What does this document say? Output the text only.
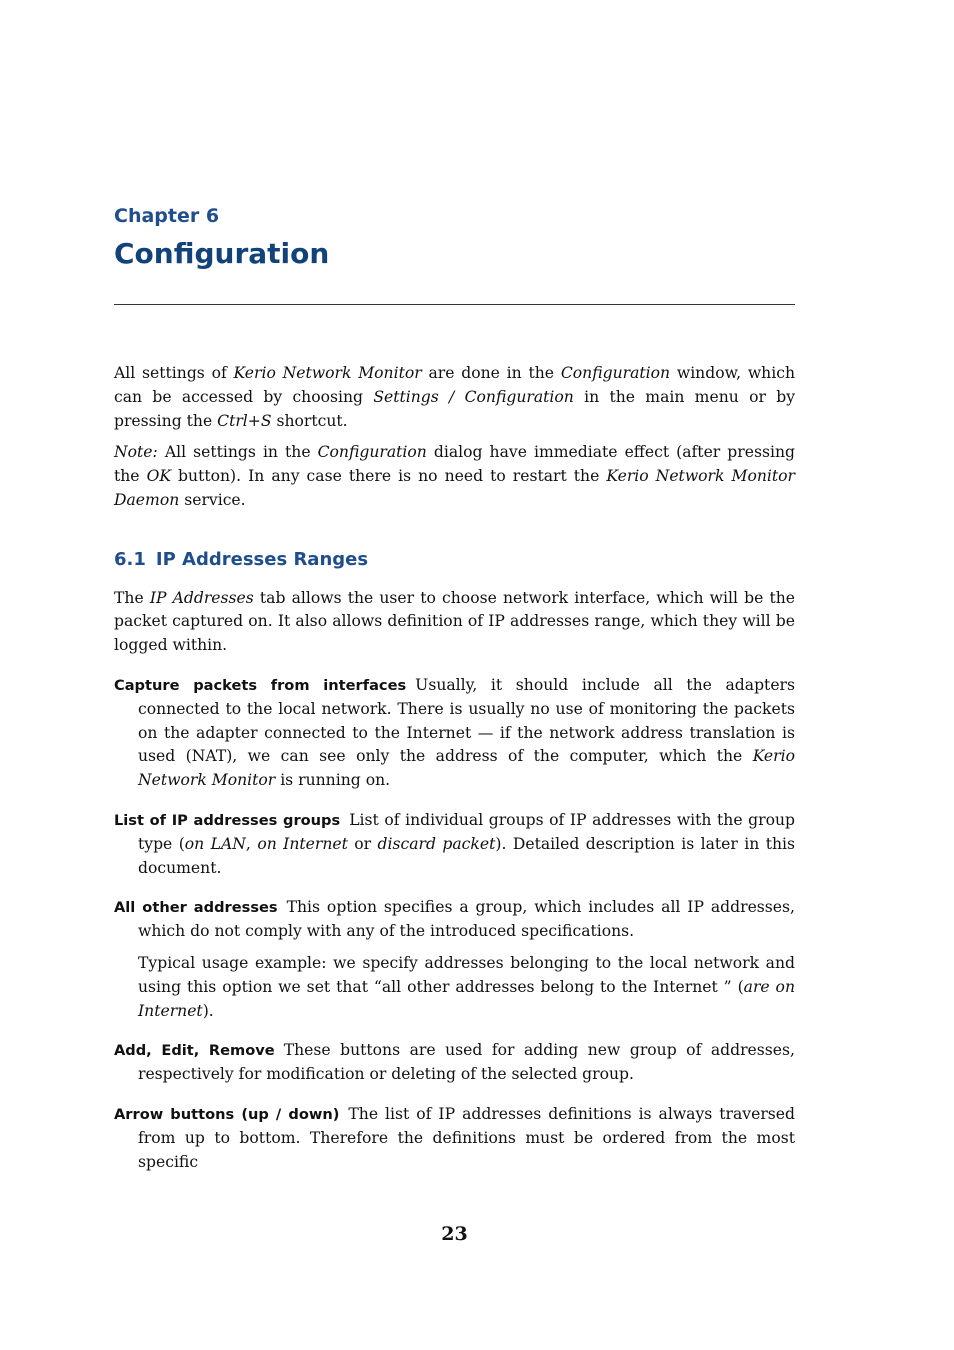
Chapter 6
Configuration

All settings of Kerio Network Monitor are done in the Configuration window, which can be accessed by choosing Settings / Configuration in the main menu or by pressing the Ctrl+S shortcut.

Note: All settings in the Configuration dialog have immediate effect (after pressing the OK button). In any case there is no need to restart the Kerio Network Monitor Daemon service.

6.1 IP Addresses Ranges

The IP Addresses tab allows the user to choose network interface, which will be the packet captured on. It also allows definition of IP addresses range, which they will be logged within.

Capture packets from interfaces Usually, it should include all the adapters connected to the local network. There is usually no use of monitoring the packets on the adapter connected to the Internet — if the network address translation is used (NAT), we can see only the address of the computer, which the Kerio Network Monitor is running on.

List of IP addresses groups List of individual groups of IP addresses with the group type (on LAN, on Internet or discard packet). Detailed description is later in this document.

All other addresses This option specifies a group, which includes all IP addresses, which do not comply with any of the introduced specifications.

Typical usage example: we specify addresses belonging to the local network and using this option we set that “all other addresses belong to the Internet ” (are on Internet).

Add, Edit, Remove These buttons are used for adding new group of addresses, respectively for modification or deleting of the selected group.

Arrow buttons (up / down) The list of IP addresses definitions is always traversed from up to bottom. Therefore the definitions must be ordered from the most specific

23
